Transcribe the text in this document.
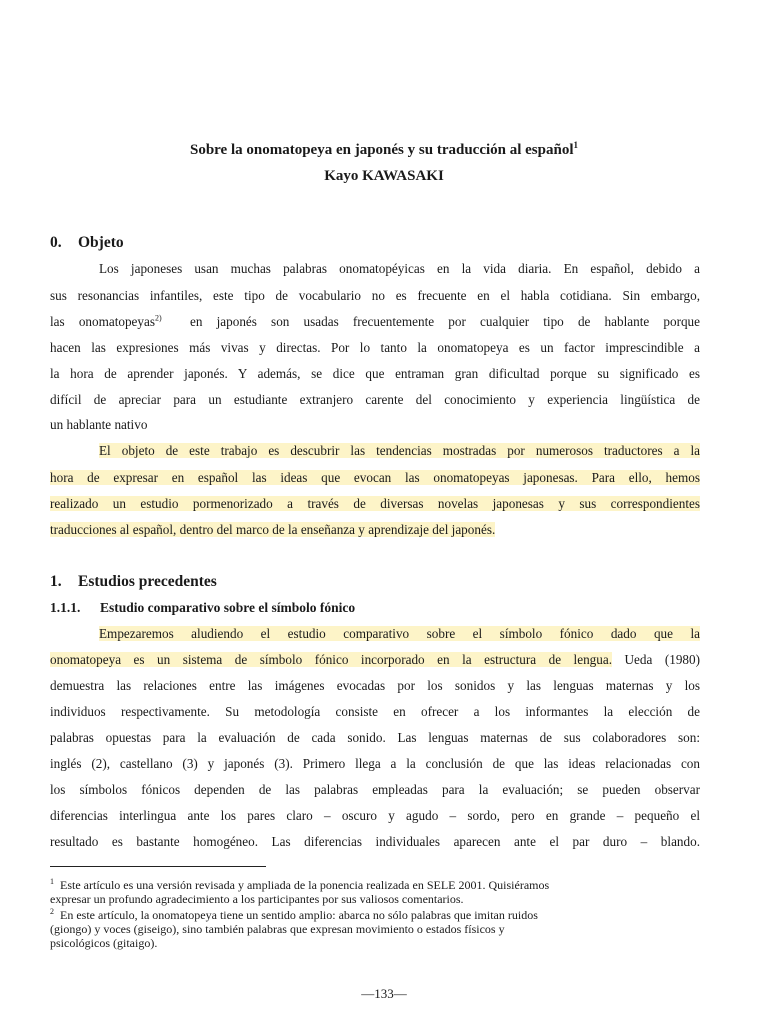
Sobre la onomatopeya en japonés y su traducción al español$^1$
Kayo KAWASAKI
0. Objeto
Los japoneses usan muchas palabras onomatopéyicas en la vida diaria. En español, debido a
sus resonancias infantiles, este tipo de vocabulario no es frecuente en el habla cotidiana. Sin embargo,
las onomatopeyas$^{2)}$ en japonés son usadas frecuentemente por cualquier tipo de hablante porque
hacen las expresiones más vivas y directas. Por lo tanto la onomatopeya es un factor imprescindible a
la hora de aprender japonés. Y además, se dice que entraman gran dificultad porque su significado es
difícil de apreciar para un estudiante extranjero carente del conocimiento y experiencia lingüística de
un hablante nativo
El objeto de este trabajo es descubrir las tendencias mostradas por numerosos traductores a la
hora de expresar en español las ideas que evocan las onomatopeyas japonesas. Para ello, hemos
realizado un estudio pormenorizado a través de diversas novelas japonesas y sus correspondientes
traducciones al español, dentro del marco de la enseñanza y aprendizaje del japonés.
1. Estudios precedentes
1.1.1. Estudio comparativo sobre el símbolo fónico
Empezaremos aludiendo el estudio comparativo sobre el símbolo fónico dado que la
onomatopeya es un sistema de símbolo fónico incorporado en la estructura de lengua. Ueda (1980)
demuestra las relaciones entre las imágenes evocadas por los sonidos y las lenguas maternas y los
individuos respectivamente. Su metodología consiste en ofrecer a los informantes la elección de
palabras opuestas para la evaluación de cada sonido. Las lenguas maternas de sus colaboradores son:
inglés (2), castellano (3) y japonés (3). Primero llega a la conclusión de que las ideas relacionadas con
los símbolos fónicos dependen de las palabras empleadas para la evaluación; se pueden observar
diferencias interlingua ante los pares claro – oscuro y agudo – sordo, pero en grande – pequeño el
resultado es bastante homogéneo. Las diferencias individuales aparecen ante el par duro – blando.
$^1$ Este artículo es una versión revisada y ampliada de la ponencia realizada en SELE 2001. Quisiéramos
expresar un profundo agradecimiento a los participantes por sus valiosos comentarios.
$^2$ En este artículo, la onomatopeya tiene un sentido amplio: abarca no sólo palabras que imitan ruidos
(giongo) y voces (giseigo), sino también palabras que expresan movimiento o estados físicos y
psicológicos (gitaigo).
—133—
